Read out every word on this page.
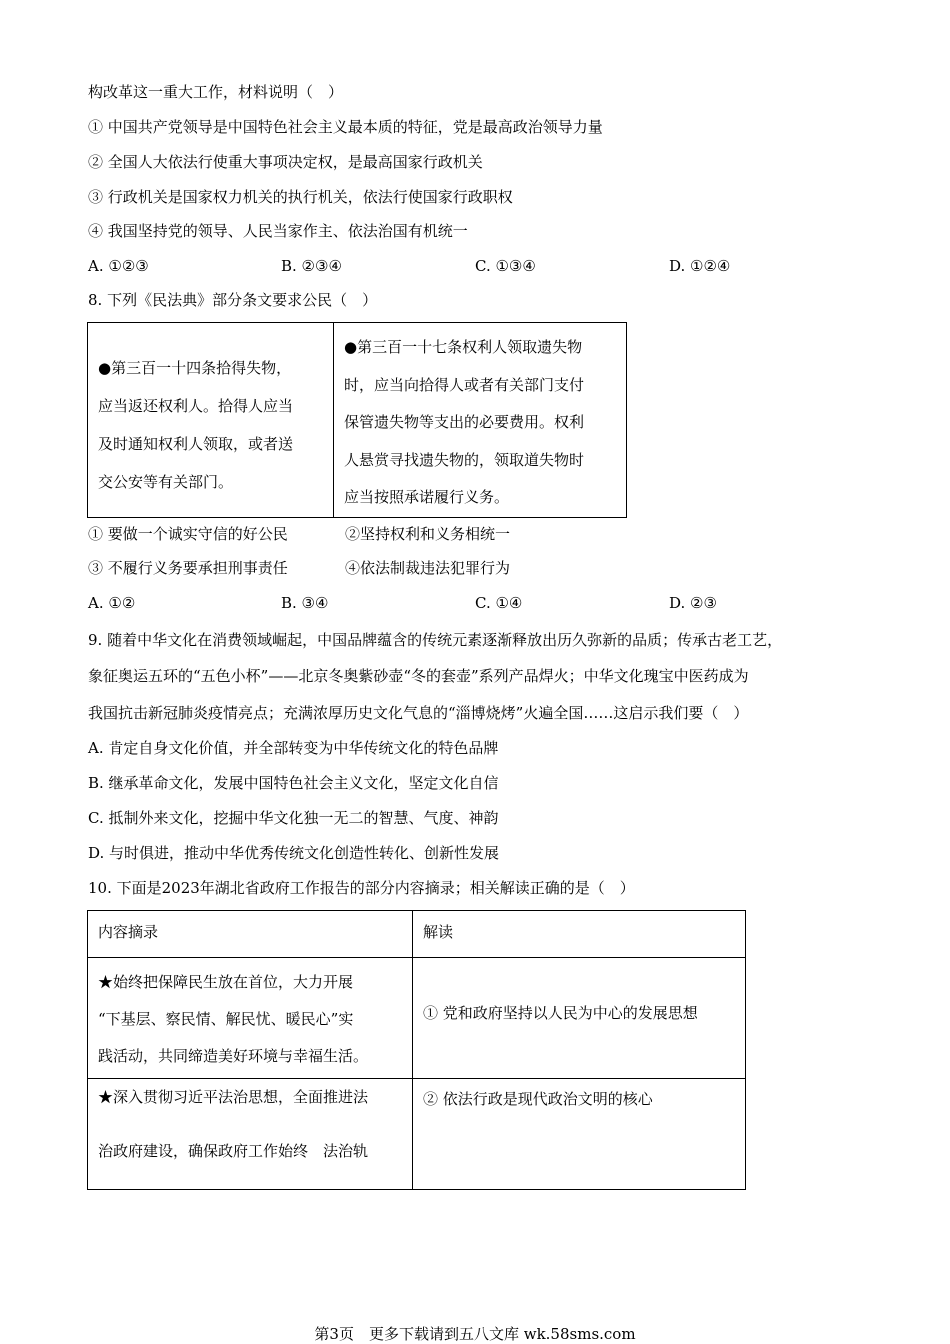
构改革这一重大工作，材料说明（　）
① 中国共产党领导是中国特色社会主义最本质的特征，党是最高政治领导力量
② 全国人大依法行使重大事项决定权，是最高国家行政机关
③ 行政机关是国家权力机关的执行机关，依法行使国家行政职权
④ 我国坚持党的领导、人民当家作主、依法治国有机统一
A. ①②③	B. ②③④	C. ①③④	D. ①②④
8. 下列《民法典》部分条文要求公民（　）
●第三百一十四条拾得失物，
应当返还权利人。拾得人应当
及时通知权利人领取，或者送
交公安等有关部门。

●第三百一十七条权利人领取遗失物
时，应当向拾得人或者有关部门支付
保管遗失物等支出的必要费用。权利
人悬赏寻找遗失物的，领取道失物时
应当按照承诺履行义务。
① 要做一个诚实守信的好公民	②坚持权利和义务相统一
③ 不履行义务要承担刑事责任	④依法制裁违法犯罪行为
A. ①②	B. ③④	C. ①④	D. ②③
9. 随着中华文化在消费领域崛起，中国品牌蕴含的传统元素逐渐释放出历久弥新的品质；传承古老工艺，
象征奥运五环的“五色小杯”——北京冬奥紫砂壶“冬的套壶”系列产品焊火；中华文化瑰宝中医药成为
我国抗击新冠肺炎疫情亮点；充满浓厚历史文化气息的“淄博烧烤”火遍全国……这启示我们要（　）
A. 肯定自身文化价值，并全部转变为中华传统文化的特色品牌
B. 继承革命文化，发展中国特色社会主义文化，坚定文化自信
C. 抵制外来文化，挖掘中华文化独一无二的智慧、气度、神韵
D. 与时俱进，推动中华优秀传统文化创造性转化、创新性发展
10. 下面是2023年湖北省政府工作报告的部分内容摘录；相关解读正确的是（　）
内容摘录	解读

★始终把保障民生放在首位，大力开展
“下基层、察民情、解民忧、暖民心”实
践活动，共同缔造美好环境与幸福生活。	① 党和政府坚持以人民为中心的发展思想

★深入贯彻习近平法治思想，全面推进法
治政府建设，确保政府工作始终　法治轨	② 依法行政是现代政治文明的核心
第3页　更多下载请到五八文库 wk.58sms.com
